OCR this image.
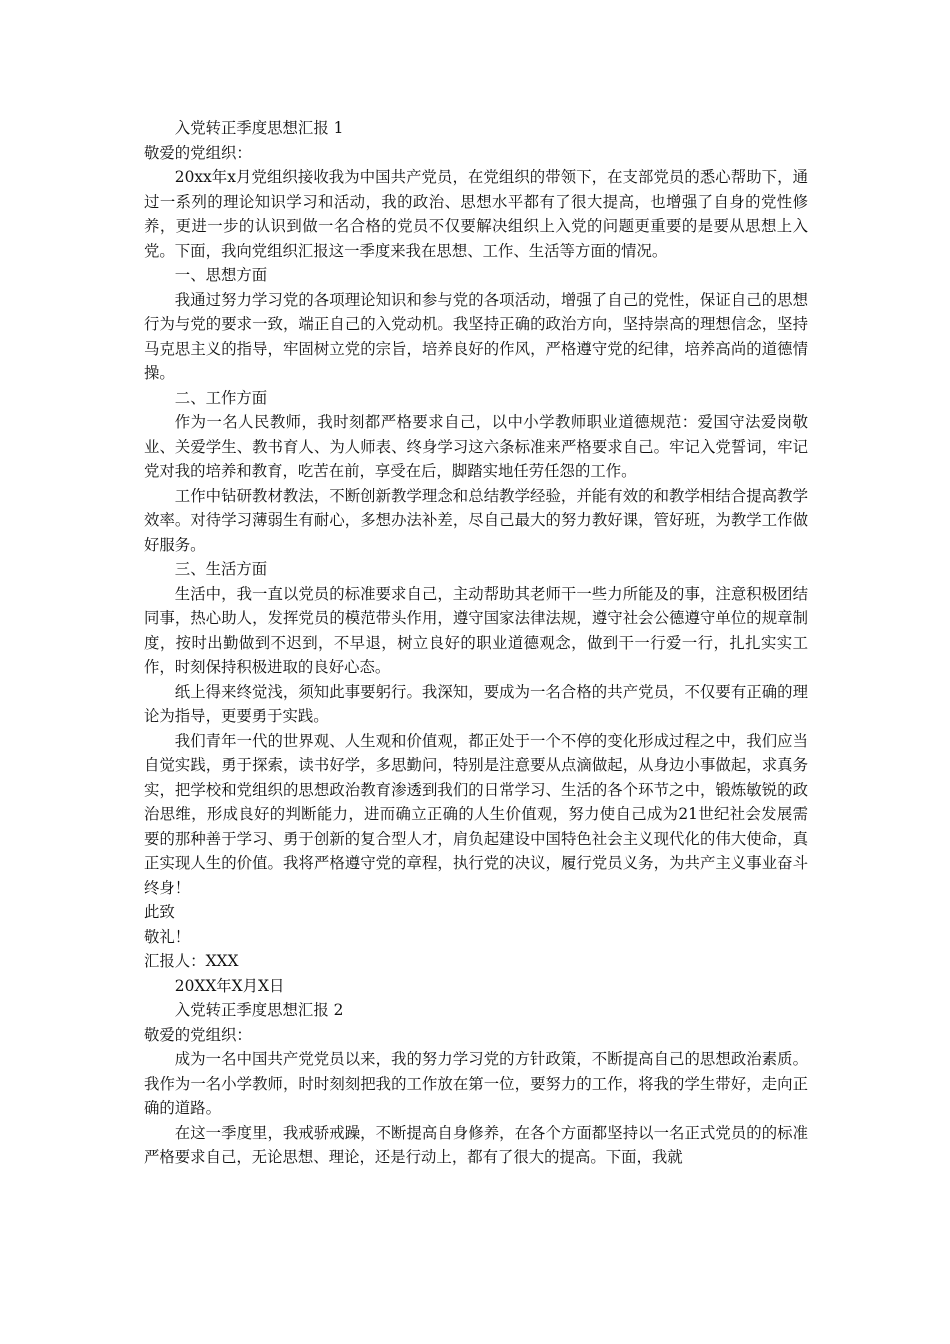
入党转正季度思想汇报 1

敬爱的党组织：

20xx年x月党组织接收我为中国共产党员，在党组织的带领下，在支部党员的悉心帮助下，通过一系列的理论知识学习和活动，我的政治、思想水平都有了很大提高，也增强了自身的党性修养，更进一步的认识到做一名合格的党员不仅要解决组织上入党的问题更重要的是要从思想上入党。下面，我向党组织汇报这一季度来我在思想、工作、生活等方面的情况。

一、思想方面

我通过努力学习党的各项理论知识和参与党的各项活动，增强了自己的党性，保证自己的思想行为与党的要求一致，端正自己的入党动机。我坚持正确的政治方向，坚持崇高的理想信念，坚持马克思主义的指导，牢固树立党的宗旨，培养良好的作风，严格遵守党的纪律，培养高尚的道德情操。

二、工作方面

作为一名人民教师，我时刻都严格要求自己，以中小学教师职业道德规范：爱国守法爱岗敬业、关爱学生、教书育人、为人师表、终身学习这六条标准来严格要求自己。牢记入党誓词，牢记党对我的培养和教育，吃苦在前，享受在后，脚踏实地任劳任怨的工作。

工作中钻研教材教法，不断创新教学理念和总结教学经验，并能有效的和教学相结合提高教学效率。对待学习薄弱生有耐心，多想办法补差，尽自己最大的努力教好课，管好班，为教学工作做好服务。

三、生活方面

生活中，我一直以党员的标准要求自己，主动帮助其老师干一些力所能及的事，注意积极团结同事，热心助人，发挥党员的模范带头作用，遵守国家法律法规，遵守社会公德遵守单位的规章制度，按时出勤做到不迟到，不早退，树立良好的职业道德观念，做到干一行爱一行，扎扎实实工作，时刻保持积极进取的良好心态。

纸上得来终觉浅，须知此事要躬行。我深知，要成为一名合格的共产党员，不仅要有正确的理论为指导，更要勇于实践。

我们青年一代的世界观、人生观和价值观，都正处于一个不停的变化形成过程之中，我们应当自觉实践，勇于探索，读书好学，多思勤问，特别是注意要从点滴做起，从身边小事做起，求真务实，把学校和党组织的思想政治教育渗透到我们的日常学习、生活的各个环节之中，锻炼敏锐的政治思维，形成良好的判断能力，进而确立正确的人生价值观，努力使自己成为21世纪社会发展需要的那种善于学习、勇于创新的复合型人才，肩负起建设中国特色社会主义现代化的伟大使命，真正实现人生的价值。我将严格遵守党的章程，执行党的决议，履行党员义务，为共产主义事业奋斗终身！

此致

敬礼！

汇报人：XXX

20XX年X月X日

入党转正季度思想汇报 2

敬爱的党组织：

成为一名中国共产党党员以来，我的努力学习党的方针政策，不断提高自己的思想政治素质。我作为一名小学教师，时时刻刻把我的工作放在第一位，要努力的工作，将我的学生带好，走向正确的道路。

在这一季度里，我戒骄戒躁，不断提高自身修养，在各个方面都坚持以一名正式党员的的标准严格要求自己，无论思想、理论，还是行动上，都有了很大的提高。下面，我就
